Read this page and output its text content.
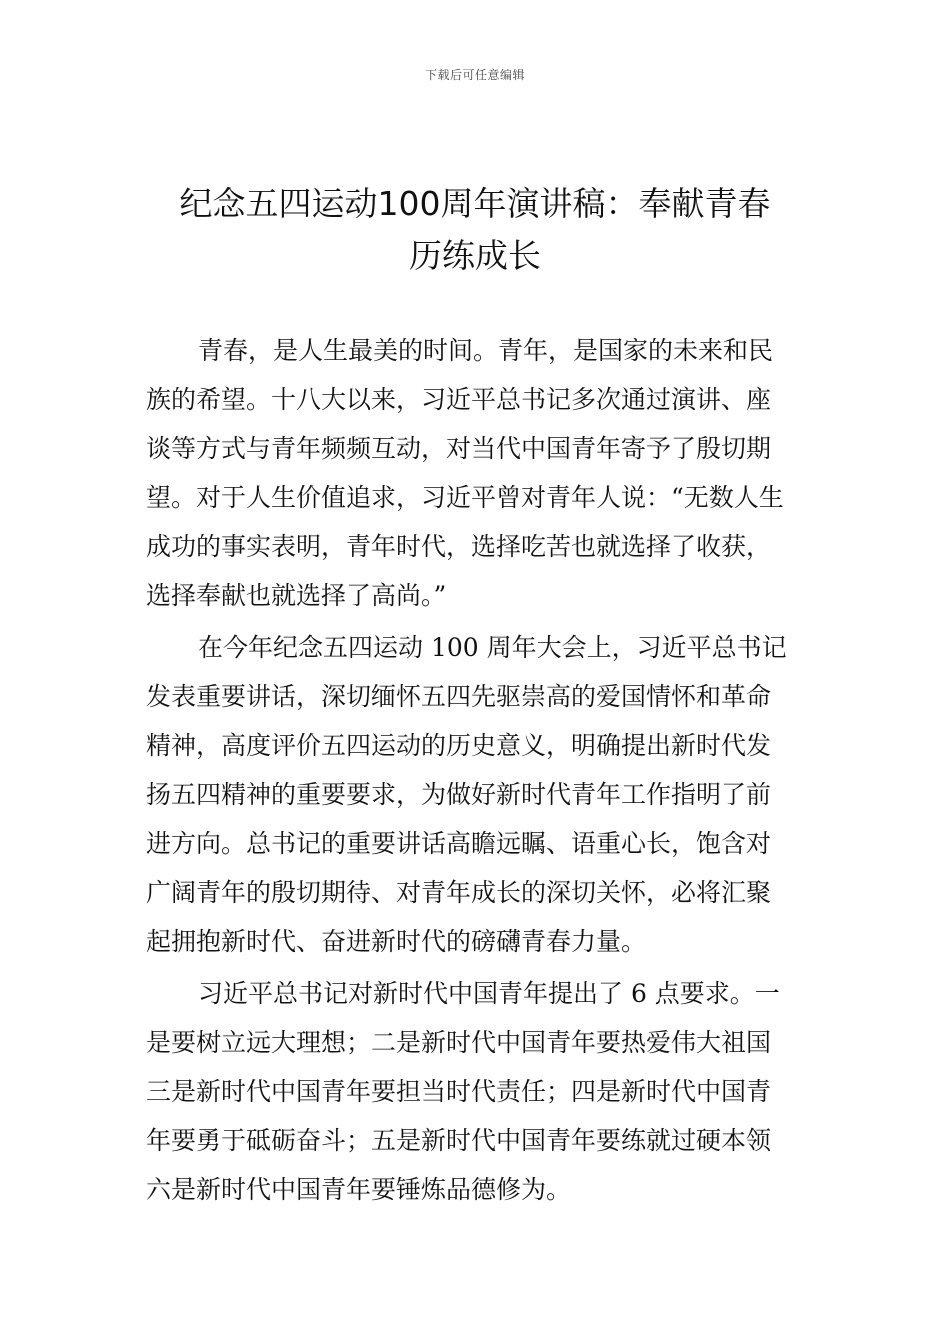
下载后可任意编辑
纪念五四运动100周年演讲稿：奉献青春
历练成长

青春，是人生最美的时间。青年，是国家的未来和民
族的希望。十八大以来，习近平总书记多次通过演讲、座
谈等方式与青年频频互动，对当代中国青年寄予了殷切期
望。对于人生价值追求，习近平曾对青年人说：“无数人生
成功的事实表明，青年时代，选择吃苦也就选择了收获，
选择奉献也就选择了高尚。”

在今年纪念五四运动 100 周年大会上，习近平总书记
发表重要讲话，深切缅怀五四先驱崇高的爱国情怀和革命
精神，高度评价五四运动的历史意义，明确提出新时代发
扬五四精神的重要要求，为做好新时代青年工作指明了前
进方向。总书记的重要讲话高瞻远瞩、语重心长，饱含对
广阔青年的殷切期待、对青年成长的深切关怀，必将汇聚
起拥抱新时代、奋进新时代的磅礴青春力量。

习近平总书记对新时代中国青年提出了 6 点要求。一
是要树立远大理想；二是新时代中国青年要热爱伟大祖国
三是新时代中国青年要担当时代责任；四是新时代中国青
年要勇于砥砺奋斗；五是新时代中国青年要练就过硬本领
六是新时代中国青年要锤炼品德修为。
